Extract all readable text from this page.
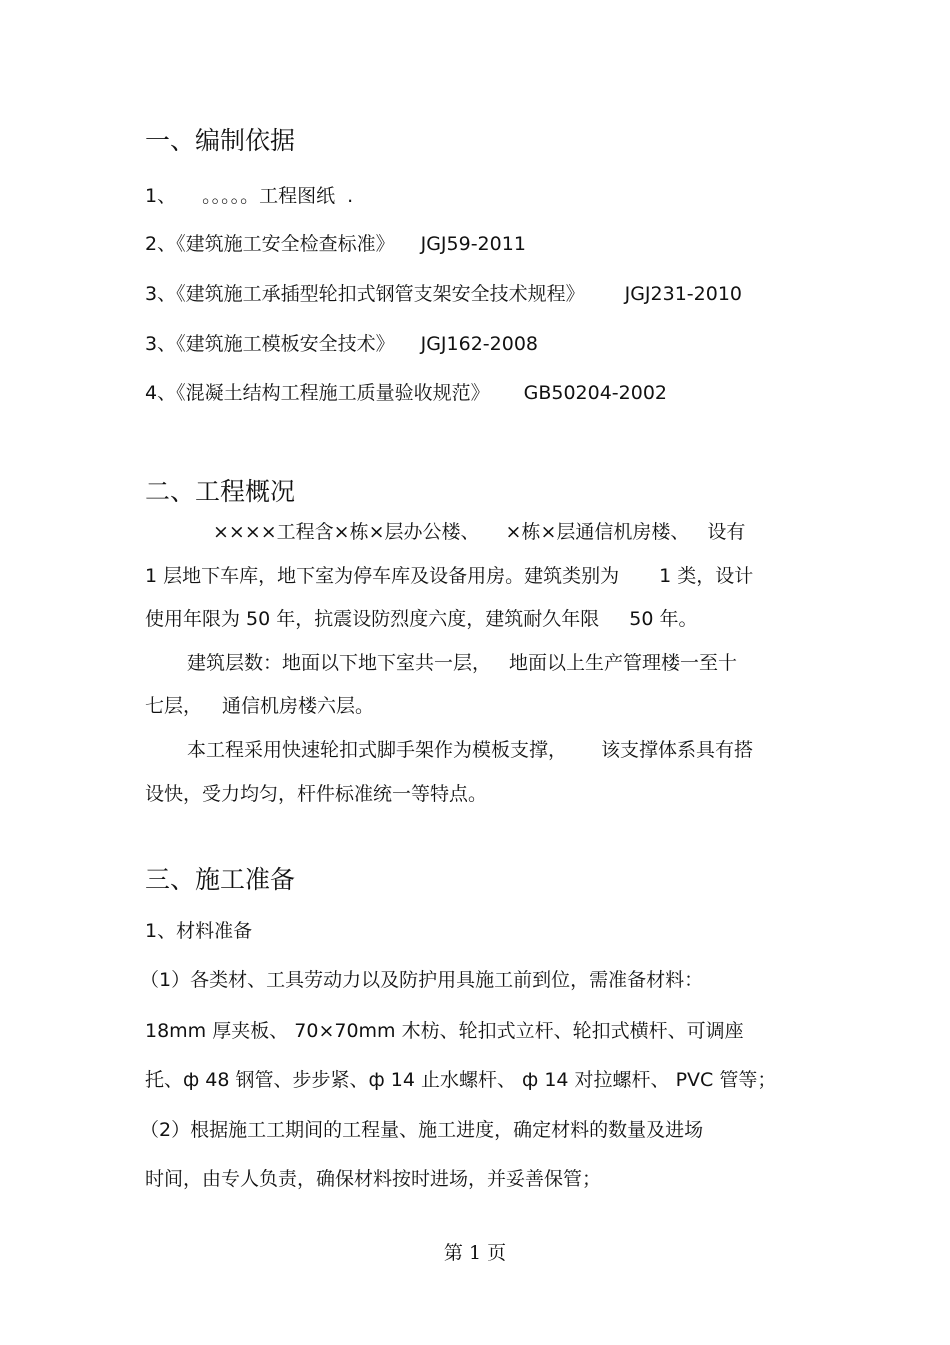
一、编制依据
1、 。。。。。工程图纸 .
2、《建筑施工安全检查标准》 JGJ59-2011
3、《建筑施工承插型轮扣式钢管支架安全技术规程》 JGJ231-2010
3、《建筑施工模板安全技术》 JGJ162-2008
4、《混凝土结构工程施工质量验收规范》 GB50204-2002
二、工程概况
××××工程含×栋×层办公楼、 ×栋×层通信机房楼、 设有
1 层地下车库，地下室为停车库及设备用房。建筑类别为 1 类，设计
使用年限为 50 年，抗震设防烈度六度，建筑耐久年限 50 年。
建筑层数：地面以下地下室共一层， 地面以上生产管理楼一至十
七层， 通信机房楼六层。
本工程采用快速轮扣式脚手架作为模板支撑， 该支撑体系具有搭
设快，受力均匀，杆件标准统一等特点。
三、施工准备
1、材料准备
（1）各类材、工具劳动力以及防护用具施工前到位，需准备材料：
18mm 厚夹板、 70×70mm 木枋、轮扣式立杆、轮扣式横杆、可调座
托、ф 48 钢管、步步紧、ф 14 止水螺杆、 ф 14 对拉螺杆、 PVC 管等；
（2）根据施工工期间的工程量、施工进度，确定材料的数量及进场
时间，由专人负责，确保材料按时进场，并妥善保管；
第 1 页
